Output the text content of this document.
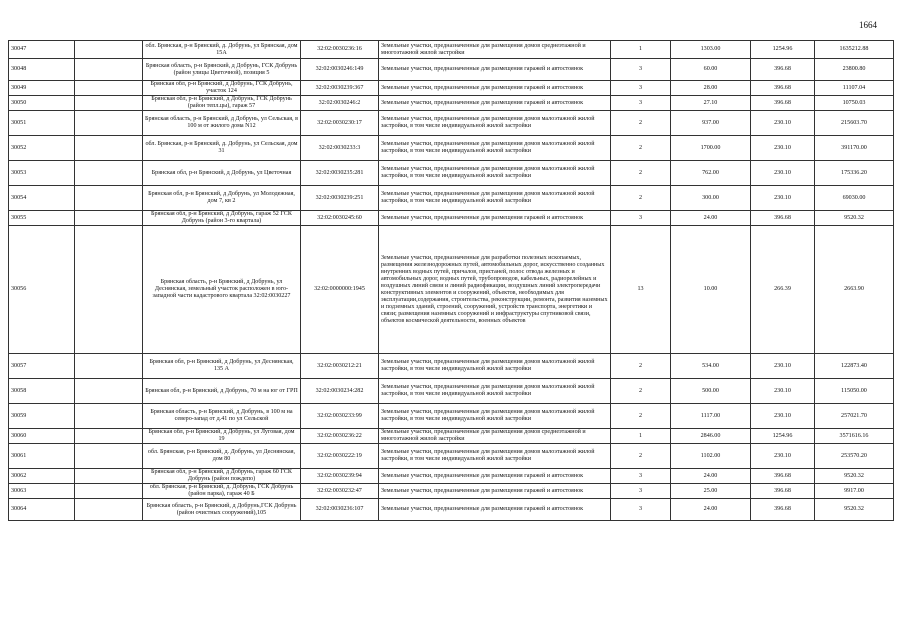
1664
30047		обл. Брянская, р-н Брянский, д. Добрунь, ул Брянская, дом 15А	32:02:0030236:16	Земельные участки, предназначенные для размещения домов среднеэтажной и многоэтажной жилой застройки	1	1303.00	1254.96	1635212.88
30048		Брянская область, р-н Брянский, д Добрунь, ГСК Добрунь (район улицы Цветочной), позиция 5	32:02:0030246:149	Земельные участки, предназначенные для размещения гаражей и автостоянок	3	60.00	396.68	23800.80
30049		Брянская обл, р-н Брянский, д Добрунь, ГСК Добрунь, участок 124	32:02:0030239:367	Земельные участки, предназначенные для размещения гаражей и автостоянок	3	28.00	396.68	11107.04
30050		Брянская обл, р-н Брянский, д Добрунь, ГСК Добрунь (район тепл.цы), гараж 57	32:02:0030246:2	Земельные участки, предназначенные для размещения гаражей и автостоянок	3	27.10	396.68	10750.03
30051		Брянская область, р-н Брянский, д Добрунь, ул Сельская, в 100 м от жилого дома N12	32:02:0030230:17	Земельные участки, предназначенные для размещения домов малоэтажной жилой застройки, в том числе индивидуальной жилой застройки	2	937.00	230.10	215603.70
30052		обл. Брянская, р-н Брянский, д. Добрунь, ул Сельская, дом 31	32:02:0030233:3	Земельные участки, предназначенные для размещения домов малоэтажной жилой застройки, в том числе индивидуальной жилой застройки	2	1700.00	230.10	391170.00
30053		Брянская обл, р-н Брянский, д Добрунь, ул Цветочная	32:02:0030235:281	Земельные участки, предназначенные для размещения домов малоэтажной жилой застройки, в том числе индивидуальной жилой застройки	2	762.00	230.10	175336.20
30054		Брянская обл, р-н Брянский, д Добрунь, ул Молодежная, дом 7, кв 2	32:02:0030239:251	Земельные участки, предназначенные для размещения домов малоэтажной жилой застройки, в том числе индивидуальной жилой застройки	2	300.00	230.10	69030.00
30055		Брянская обл, р-н Брянский, д Добрунь, гараж 52 ГСК Добрунь (район 3-го квартала)	32:02:0030245:60	Земельные участки, предназначенные для размещения гаражей и автостоянок	3	24.00	396.68	9520.32
30056		Брянская область, р-н Брянский, д Добрунь, ул Деснянская, земельный участок расположен в юго-западной части кадастрового квартала 32:02:0030227	32:02:0000000:1945	Земельные участки, предназначенные для разработки полезных ископаемых, размещения железнодорожных путей, автомобильных дорог, искусственно созданных внутренних водных путей, причалов, пристаней, полос отвода железных и автомобильных дорог, водных путей, трубопроводов, кабельных, радиорелейных и воздушных линий связи и линий радиофикации, воздушных линий электропередачи конструктивных элементов и сооружений, объектов, необходимых для эксплуатации,содержания, строительства, реконструкции, ремонта, развития наземных и подземных зданий, строений, сооружений, устройств транспорта, энергетики и связи; размещения наземных сооружений и инфраструктуры спутниковой связи, объектов космической деятельности, военных объектов	13	10.00	266.39	2663.90
30057		Брянская обл, р-н Брянский, д Добрунь, ул Деснянская, 135 А	32:02:0030212:21	Земельные участки, предназначенные для размещения домов малоэтажной жилой застройки, в том числе индивидуальной жилой застройки	2	534.00	230.10	122873.40
30058		Брянская обл, р-н Брянский, д Добрунь, 70 м на юг от ГРП	32:02:0030234:282	Земельные участки, предназначенные для размещения домов малоэтажной жилой застройки, в том числе индивидуальной жилой застройки	2	500.00	230.10	115050.00
30059		Брянская область, р-н Брянский, д Добрунь, в 100 м на северо-запад от д.41 по ул Сельской	32:02:0030233:99	Земельные участки, предназначенные для размещения домов малоэтажной жилой застройки, в том числе индивидуальной жилой застройки	2	1117.00	230.10	257021.70
30060		Брянская обл, р-н Брянский, д Добрунь, ул Луговая, дом 19	32:02:0030236:22	Земельные участки, предназначенные для размещения домов среднеэтажной и многоэтажной жилой застройки	1	2846.00	1254.96	3571616.16
30061		обл. Брянская, р-н Брянский, д. Добрунь, ул Деснянская, дом 80	32:02:0030222:19	Земельные участки, предназначенные для размещения домов малоэтажной жилой застройки, в том числе индивидуальной жилой застройки	2	1102.00	230.10	253570.20
30062		Брянская обл, р-н Брянский, д Добрунь, гараж 60 ГСК Добрунь (район пождепо)	32:02:0030239:94	Земельные участки, предназначенные для размещения гаражей и автостоянок	3	24.00	396.68	9520.32
30063		обл. Брянская, р-н Брянский, д. Добрунь, ГСК Добрунь (район парка), гараж 40 Б	32:02:0030232:47	Земельные участки, предназначенные для размещения гаражей и автостоянок	3	25.00	396.68	9917.00
30064		Брянская область, р-н Брянский, д Добрунь,ГСК Добрунь (район очистных сооружений),105	32:02:0030236:107	Земельные участки, предназначенные для размещения гаражей и автостоянок	3	24.00	396.68	9520.32
